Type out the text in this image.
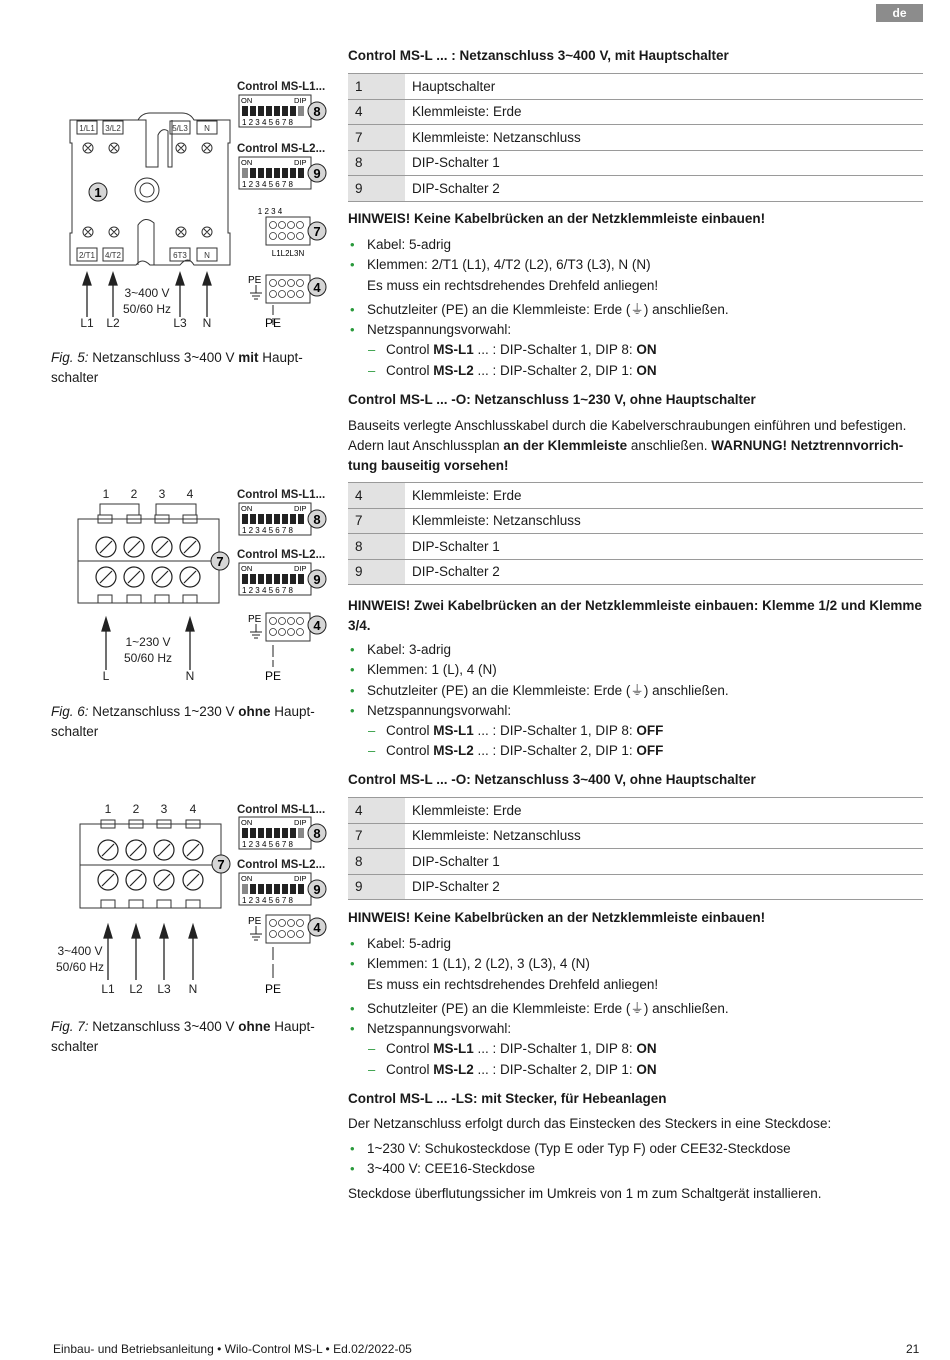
de
1/L1 3/L2	5/L3 N
2/T1 4/T2	6T3 N
1
3~400 V
50/60 Hz
L1 L2	L3 N
Control MS-L1...
Control MS-L2...
ON	DIP
12345678
8
ON	DIP
12345678
9
1 2 3 4
L1L2L3N
7
PE	4
PE
Fig. 5: Netzanschluss 3~400 V mit Haupt-
schalter
1 2 3 4
7
1~230 V
50/60 Hz
L	N
Control MS-L1...
Control MS-L2...
ON	DIP
12345678
8
ON	DIP
12345678
9
PE	4
PE
Fig. 6: Netzanschluss 1~230 V ohne Haupt-
schalter
1 2 3 4
7
3~400 V
50/60 Hz
L1 L2 L3 N
Control MS-L1...
Control MS-L2...
ON	DIP
12345678
8
ON	DIP
12345678
9
PE	4
PE
Fig. 7: Netzanschluss 3~400 V ohne Haupt-
schalter
Control MS-L ... : Netzanschluss 3~400 V, mit Hauptschalter
1	Hauptschalter
4	Klemmleiste: Erde
7	Klemmleiste: Netzanschluss
8	DIP-Schalter 1
9	DIP-Schalter 2
HINWEIS! Keine Kabelbrücken an der Netzklemmleiste einbauen!
• Kabel: 5-adrig
• Klemmen: 2/T1 (L1), 4/T2 (L2), 6/T3 (L3), N (N)
Es muss ein rechtsdrehendes Drehfeld anliegen!
• Schutzleiter (PE) an die Klemmleiste: Erde (⏚) anschließen.
• Netzspannungsvorwahl:
– Control MS-L1 ... : DIP-Schalter 1, DIP 8: ON
– Control MS-L2 ... : DIP-Schalter 2, DIP 1: ON
Control MS-L ... -O: Netzanschluss 1~230 V, ohne Hauptschalter
Bauseits verlegte Anschlusskabel durch die Kabelverschraubungen einführen und befestigen. Adern laut Anschlussplan an der Klemmleiste anschließen. WARNUNG! Netztrennvorrich-tung bauseitig vorsehen!
4	Klemmleiste: Erde
7	Klemmleiste: Netzanschluss
8	DIP-Schalter 1
9	DIP-Schalter 2
HINWEIS! Zwei Kabelbrücken an der Netzklemmleiste einbauen: Klemme 1/2 und Klemme 3/4.
• Kabel: 3-adrig
• Klemmen: 1 (L), 4 (N)
• Schutzleiter (PE) an die Klemmleiste: Erde (⏚) anschließen.
• Netzspannungsvorwahl:
– Control MS-L1 ... : DIP-Schalter 1, DIP 8: OFF
– Control MS-L2 ... : DIP-Schalter 2, DIP 1: OFF
Control MS-L ... -O: Netzanschluss 3~400 V, ohne Hauptschalter
4	Klemmleiste: Erde
7	Klemmleiste: Netzanschluss
8	DIP-Schalter 1
9	DIP-Schalter 2
HINWEIS! Keine Kabelbrücken an der Netzklemmleiste einbauen!
• Kabel: 5-adrig
• Klemmen: 1 (L1), 2 (L2), 3 (L3), 4 (N)
Es muss ein rechtsdrehendes Drehfeld anliegen!
• Schutzleiter (PE) an die Klemmleiste: Erde (⏚) anschließen.
• Netzspannungsvorwahl:
– Control MS-L1 ... : DIP-Schalter 1, DIP 8: ON
– Control MS-L2 ... : DIP-Schalter 2, DIP 1: ON
Control MS-L ... -LS: mit Stecker, für Hebeanlagen
Der Netzanschluss erfolgt durch das Einstecken des Steckers in eine Steckdose:
• 1~230 V: Schukosteckdose (Typ E oder Typ F) oder CEE32-Steckdose
• 3~400 V: CEE16-Steckdose
Steckdose überflutungssicher im Umkreis von 1 m zum Schaltgerät installieren.
Einbau- und Betriebsanleitung • Wilo-Control MS-L • Ed.02/2022-05	21
